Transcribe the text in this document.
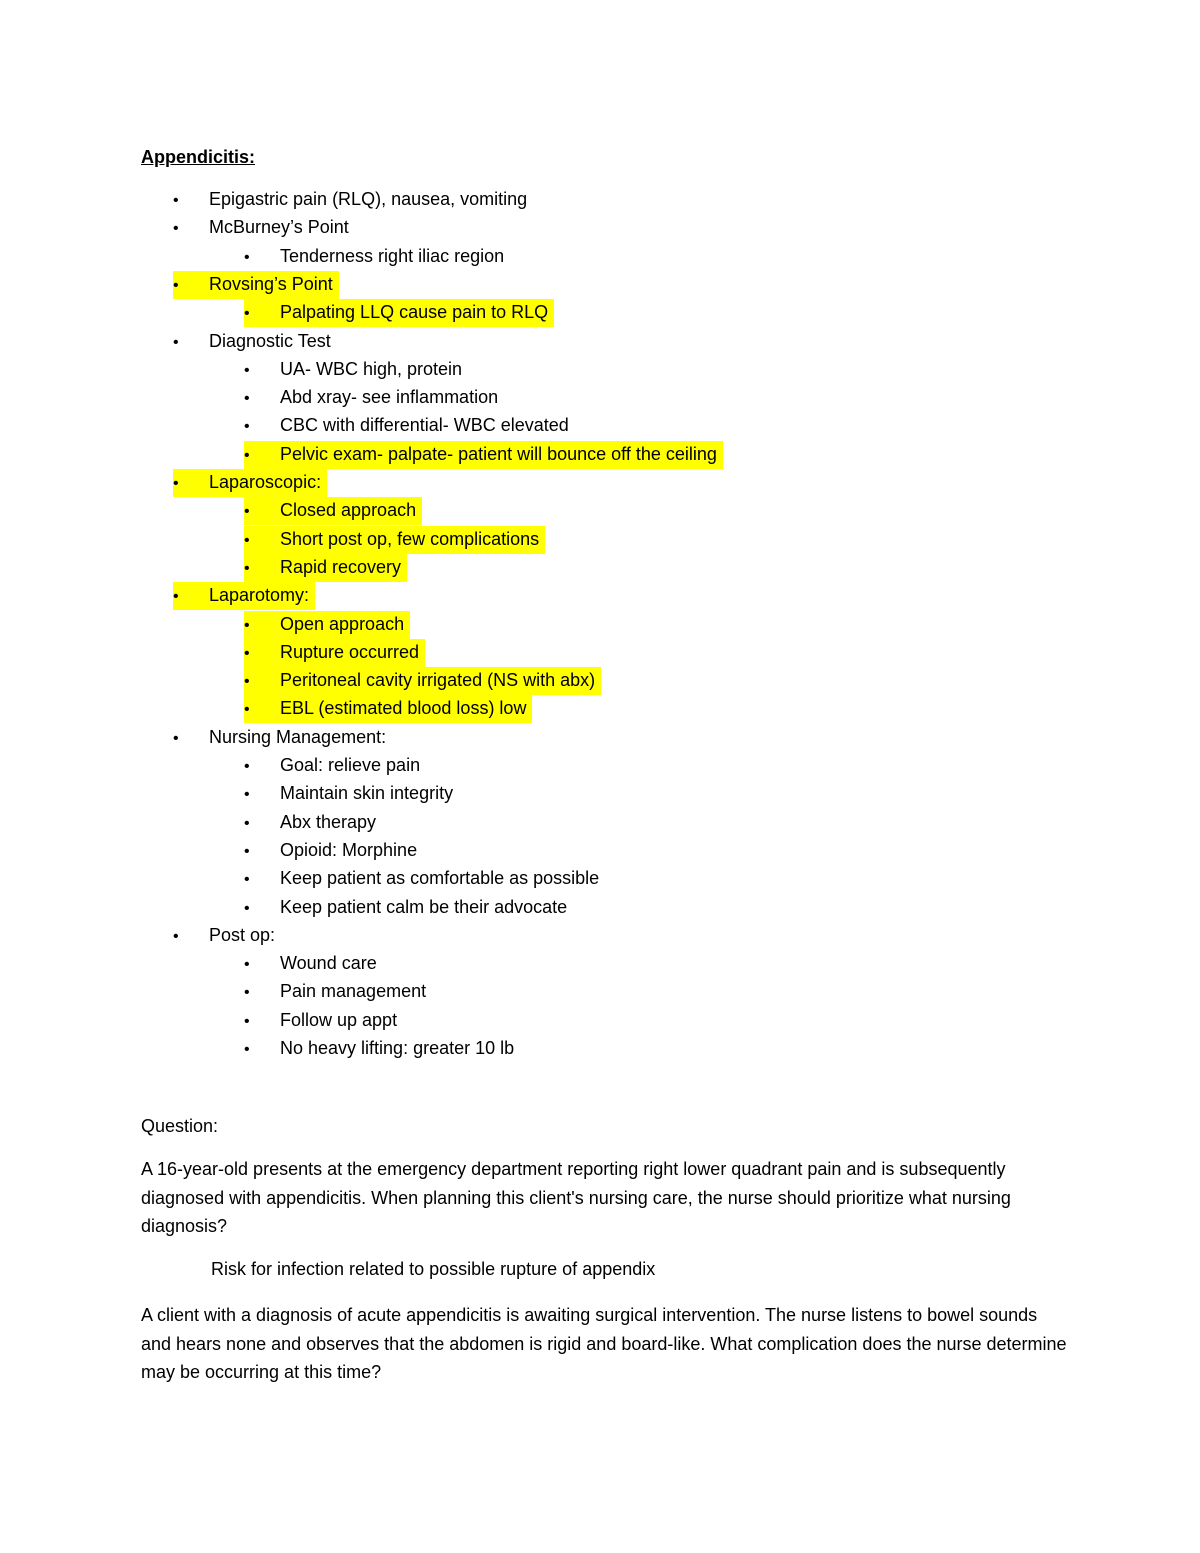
Appendicitis:
• Epigastric pain (RLQ), nausea, vomiting
• McBurney’s Point
• Tenderness right iliac region
• Rovsing’s Point
• Palpating LLQ cause pain to RLQ
• Diagnostic Test
• UA- WBC high, protein
• Abd xray- see inflammation
• CBC with differential- WBC elevated
• Pelvic exam- palpate- patient will bounce off the ceiling
• Laparoscopic:
• Closed approach
• Short post op, few complications
• Rapid recovery
• Laparotomy:
• Open approach
• Rupture occurred
• Peritoneal cavity irrigated (NS with abx)
• EBL (estimated blood loss) low
• Nursing Management:
• Goal: relieve pain
• Maintain skin integrity
• Abx therapy
• Opioid: Morphine
• Keep patient as comfortable as possible
• Keep patient calm be their advocate
• Post op:
• Wound care
• Pain management
• Follow up appt
• No heavy lifting: greater 10 lb
Question:
A 16-year-old presents at the emergency department reporting right lower quadrant pain and is subsequently diagnosed with appendicitis. When planning this client's nursing care, the nurse should prioritize what nursing diagnosis?
Risk for infection related to possible rupture of appendix
A client with a diagnosis of acute appendicitis is awaiting surgical intervention. The nurse listens to bowel sounds and hears none and observes that the abdomen is rigid and board-like. What complication does the nurse determine may be occurring at this time?
